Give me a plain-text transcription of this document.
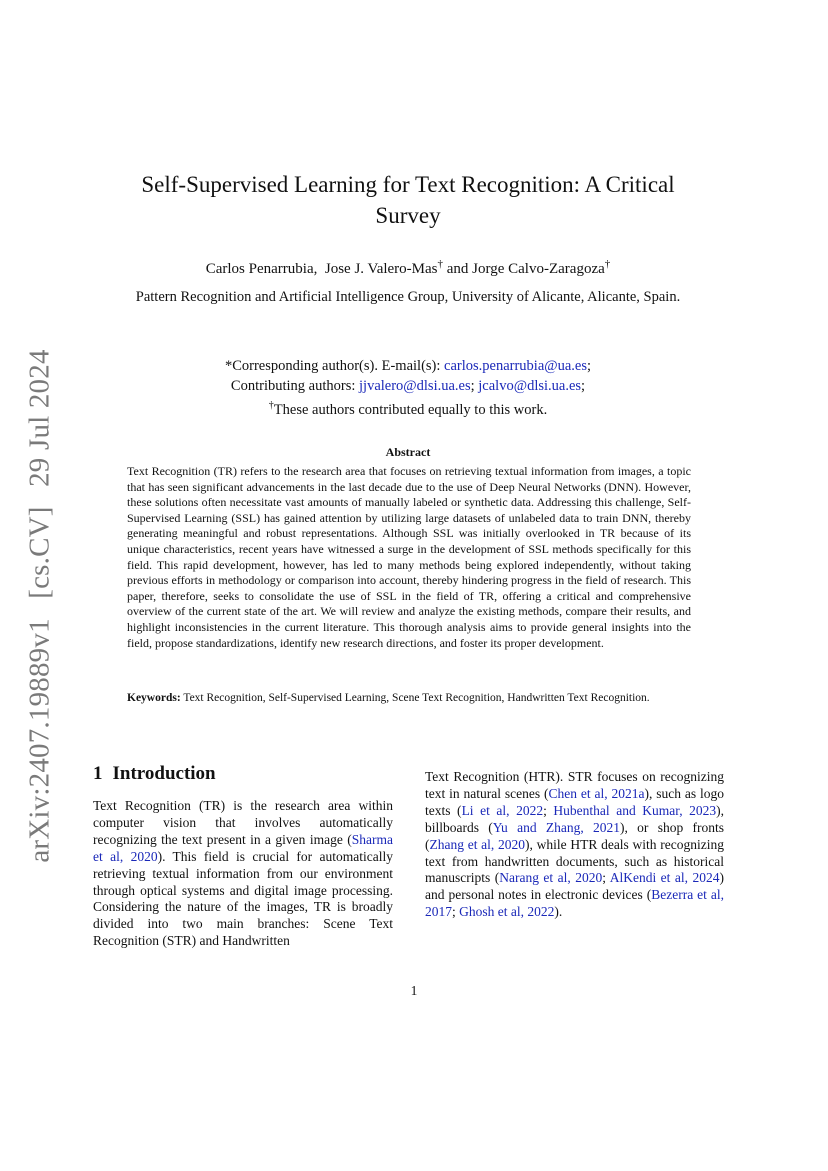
arXiv:2407.19889v1 [cs.CV] 29 Jul 2024
Self-Supervised Learning for Text Recognition: A Critical Survey
Carlos Penarrubia, Jose J. Valero-Mas† and Jorge Calvo-Zaragoza†
Pattern Recognition and Artificial Intelligence Group, University of Alicante, Alicante, Spain.
*Corresponding author(s). E-mail(s): carlos.penarrubia@ua.es;
Contributing authors: jjvalero@dlsi.ua.es; jcalvo@dlsi.ua.es;
†These authors contributed equally to this work.
Abstract
Text Recognition (TR) refers to the research area that focuses on retrieving textual information from images, a topic that has seen significant advancements in the last decade due to the use of Deep Neural Networks (DNN). However, these solutions often necessitate vast amounts of manually labeled or synthetic data. Addressing this challenge, Self-Supervised Learning (SSL) has gained attention by utilizing large datasets of unlabeled data to train DNN, thereby generating meaningful and robust representations. Although SSL was initially overlooked in TR because of its unique characteristics, recent years have witnessed a surge in the development of SSL methods specifically for this field. This rapid development, however, has led to many methods being explored independently, without taking previous efforts in methodology or comparison into account, thereby hindering progress in the field of research. This paper, therefore, seeks to consolidate the use of SSL in the field of TR, offering a critical and comprehensive overview of the current state of the art. We will review and analyze the existing methods, compare their results, and highlight inconsistencies in the current literature. This thorough analysis aims to provide general insights into the field, propose standardizations, identify new research directions, and foster its proper development.
Keywords: Text Recognition, Self-Supervised Learning, Scene Text Recognition, Handwritten Text Recognition.
1 Introduction
Text Recognition (TR) is the research area within computer vision that involves automatically recognizing the text present in a given image (Sharma et al, 2020). This field is crucial for automatically retrieving textual information from our environment through optical systems and digital image processing. Considering the nature of the images, TR is broadly divided into two main branches: Scene Text Recognition (STR) and Handwritten
Text Recognition (HTR). STR focuses on recognizing text in natural scenes (Chen et al, 2021a), such as logo texts (Li et al, 2022; Hubenthal and Kumar, 2023), billboards (Yu and Zhang, 2021), or shop fronts (Zhang et al, 2020), while HTR deals with recognizing text from handwritten documents, such as historical manuscripts (Narang et al, 2020; AlKendi et al, 2024) and personal notes in electronic devices (Bezerra et al, 2017; Ghosh et al, 2022).
1
